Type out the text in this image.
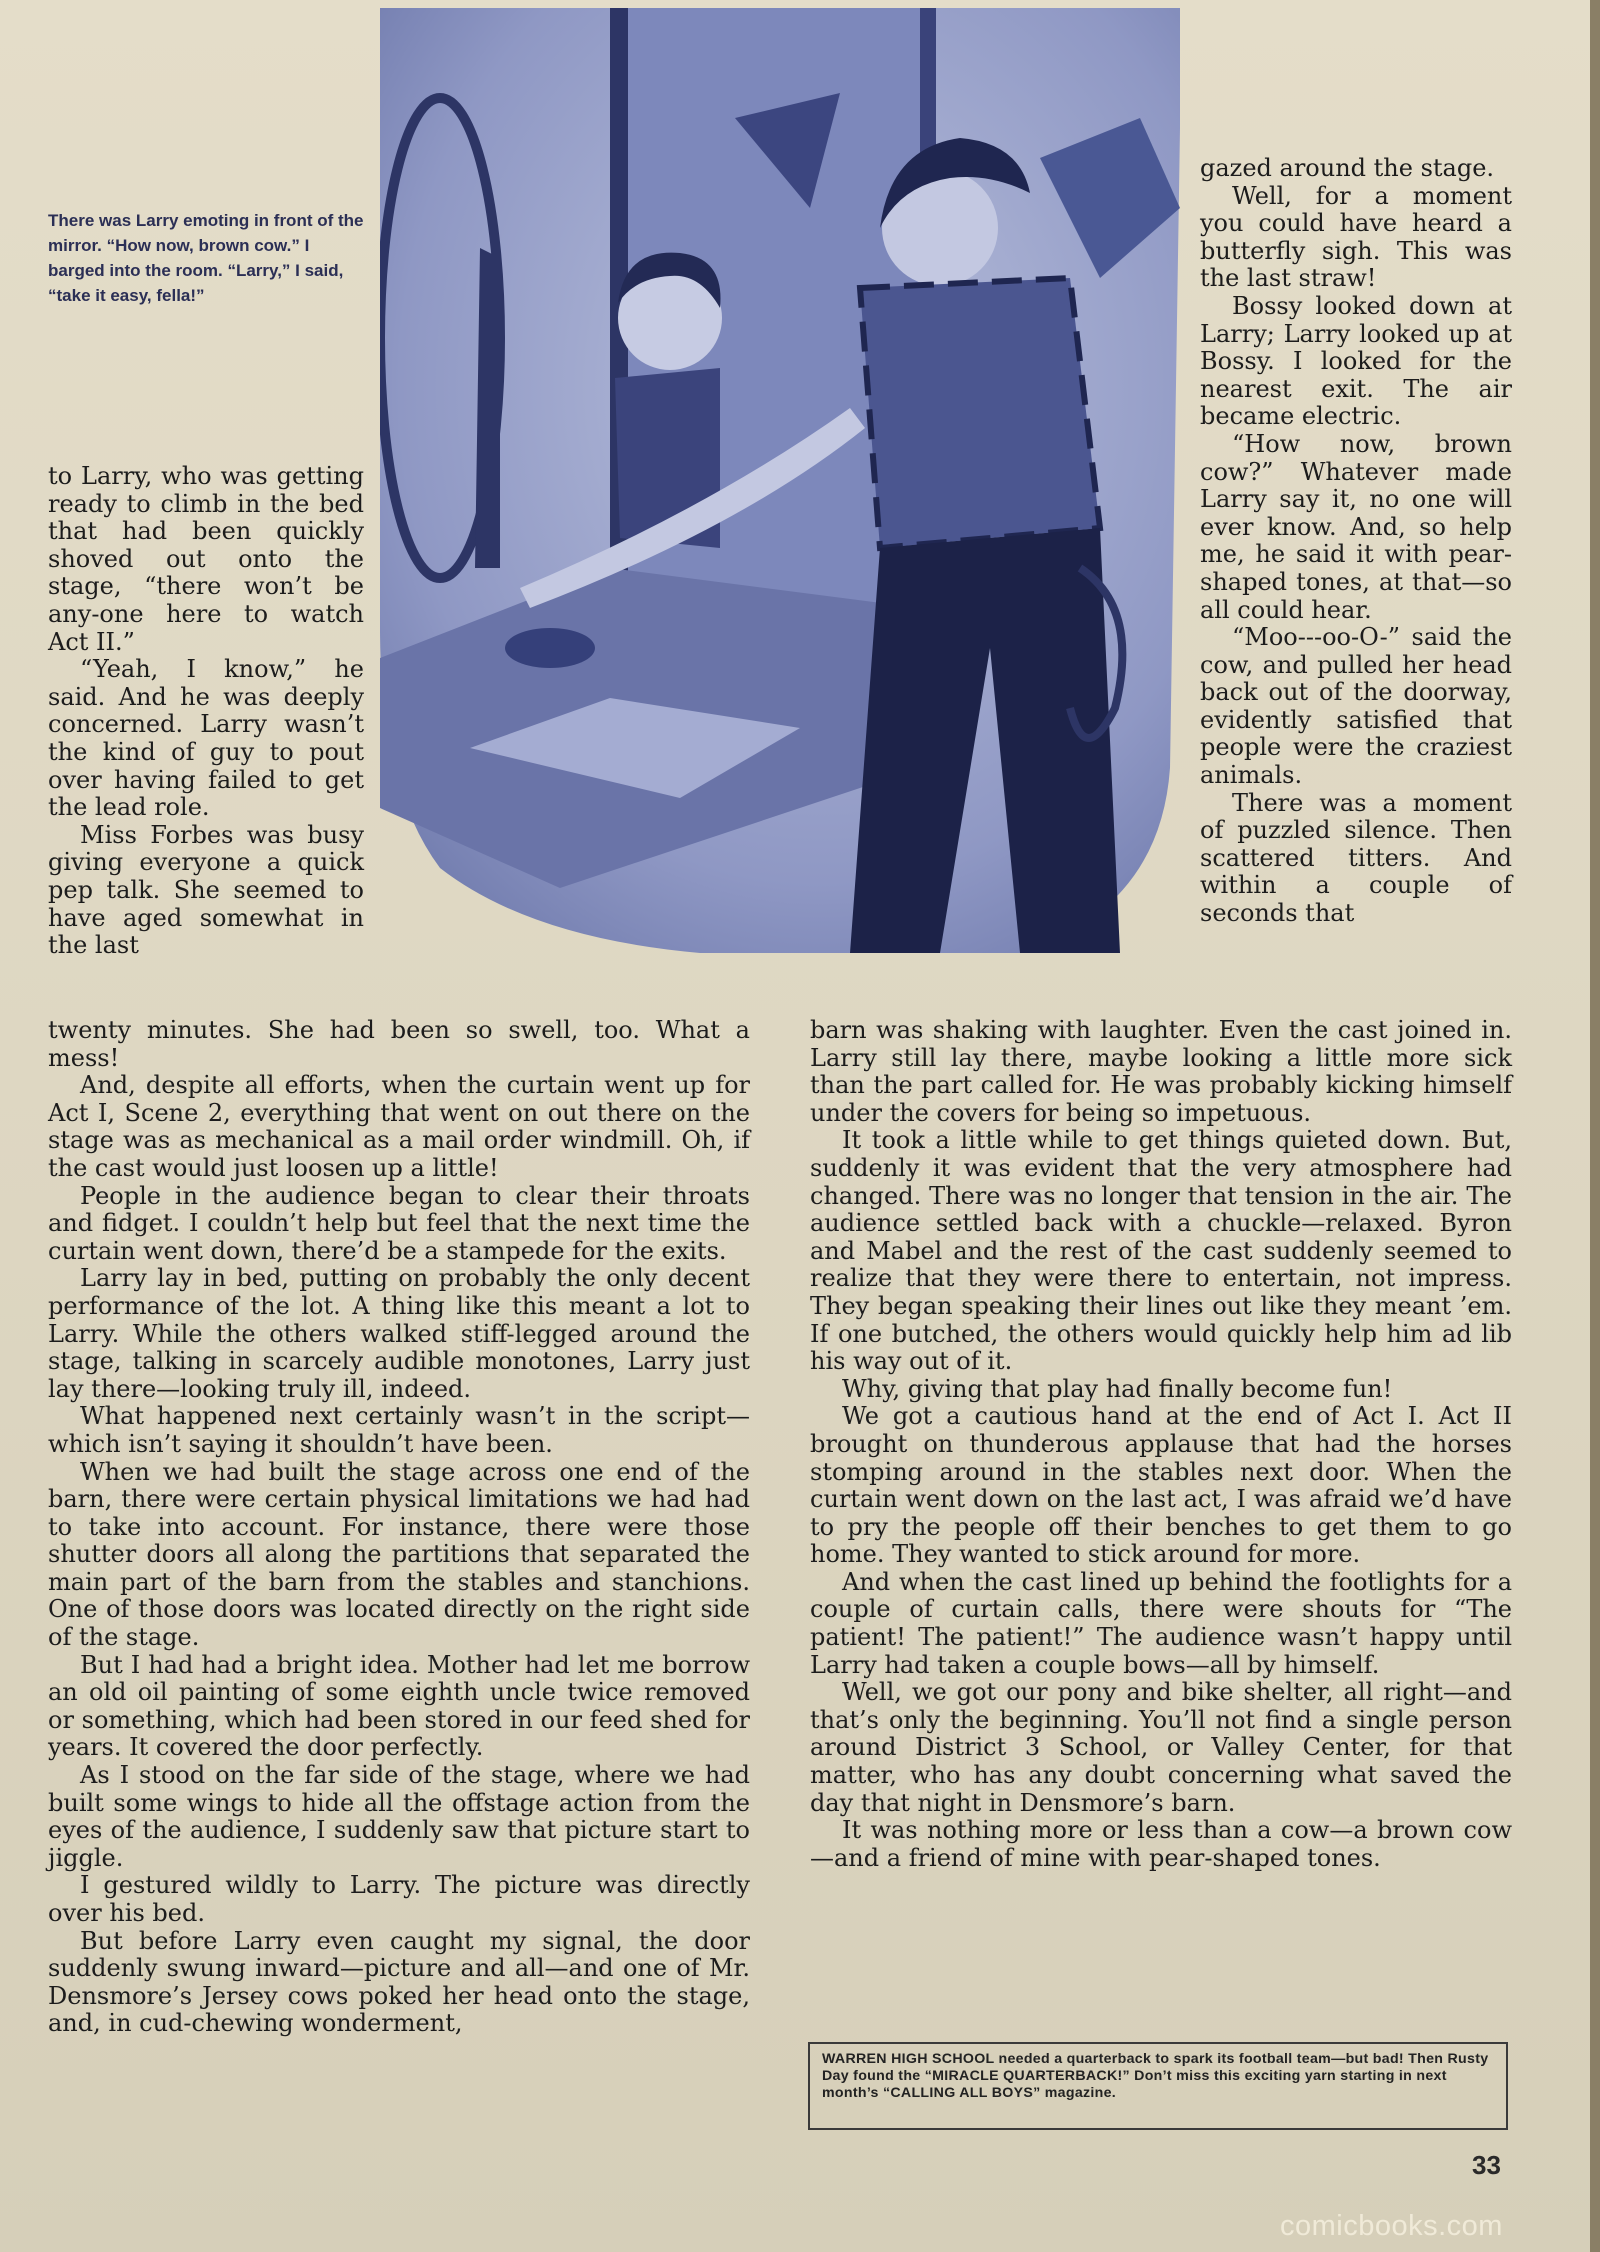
There was Larry emoting in front of the mirror. “How now, brown cow.” I barged into the room. “Larry,” I said, “take it easy, fella!”

to Larry, who was getting ready to climb in the bed that had been quickly shoved out onto the stage, “there won’t be any-one here to watch Act II.”

“Yeah, I know,” he said. And he was deeply concerned. Larry wasn’t the kind of guy to pout over having failed to get the lead role.

Miss Forbes was busy giving everyone a quick pep talk. She seemed to have aged somewhat in the last

twenty minutes. She had been so swell, too. What a mess!

And, despite all efforts, when the curtain went up for Act I, Scene 2, everything that went on out there on the stage was as mechanical as a mail order windmill. Oh, if the cast would just loosen up a little!

People in the audience began to clear their throats and fidget. I couldn’t help but feel that the next time the curtain went down, there’d be a stampede for the exits.

Larry lay in bed, putting on probably the only decent performance of the lot. A thing like this meant a lot to Larry. While the others walked stiff-legged around the stage, talking in scarcely audible monotones, Larry just lay there—looking truly ill, indeed.

What happened next certainly wasn’t in the script—which isn’t saying it shouldn’t have been.

When we had built the stage across one end of the barn, there were certain physical limitations we had had to take into account. For instance, there were those shutter doors all along the partitions that separated the main part of the barn from the stables and stanchions. One of those doors was located directly on the right side of the stage.

But I had had a bright idea. Mother had let me borrow an old oil painting of some eighth uncle twice removed or something, which had been stored in our feed shed for years. It covered the door perfectly.

As I stood on the far side of the stage, where we had built some wings to hide all the offstage action from the eyes of the audience, I suddenly saw that picture start to jiggle.

I gestured wildly to Larry. The picture was directly over his bed.

But before Larry even caught my signal, the door suddenly swung inward—picture and all—and one of Mr. Densmore’s Jersey cows poked her head onto the stage, and, in cud-chewing wonderment,

gazed around the stage.

Well, for a moment you could have heard a butterfly sigh. This was the last straw!

Bossy looked down at Larry; Larry looked up at Bossy. I looked for the nearest exit. The air became electric.

“How now, brown cow?” Whatever made Larry say it, no one will ever know. And, so help me, he said it with pear-shaped tones, at that—so all could hear.

“Moo---oo-O-” said the cow, and pulled her head back out of the doorway, evidently satisfied that people were the craziest animals.

There was a moment of puzzled silence. Then scattered titters. And within a couple of seconds that

barn was shaking with laughter. Even the cast joined in. Larry still lay there, maybe looking a little more sick than the part called for. He was probably kicking himself under the covers for being so impetuous.

It took a little while to get things quieted down. But, suddenly it was evident that the very atmosphere had changed. There was no longer that tension in the air. The audience settled back with a chuckle—relaxed. Byron and Mabel and the rest of the cast suddenly seemed to realize that they were there to entertain, not impress. They began speaking their lines out like they meant ’em. If one butched, the others would quickly help him ad lib his way out of it.

Why, giving that play had finally become fun!

We got a cautious hand at the end of Act I. Act II brought on thunderous applause that had the horses stomping around in the stables next door. When the curtain went down on the last act, I was afraid we’d have to pry the people off their benches to get them to go home. They wanted to stick around for more.

And when the cast lined up behind the footlights for a couple of curtain calls, there were shouts for “The patient! The patient!” The audience wasn’t happy until Larry had taken a couple bows—all by himself.

Well, we got our pony and bike shelter, all right—and that’s only the beginning. You’ll not find a single person around District 3 School, or Valley Center, for that matter, who has any doubt concerning what saved the day that night in Densmore’s barn.

It was nothing more or less than a cow—a brown cow—and a friend of mine with pear-shaped tones.

WARREN HIGH SCHOOL needed a quarterback to spark its football team—but bad! Then Rusty Day found the “MIRACLE QUARTERBACK!” Don’t miss this exciting yarn starting in next month’s “CALLING ALL BOYS” magazine.
33
comicbooks.com
